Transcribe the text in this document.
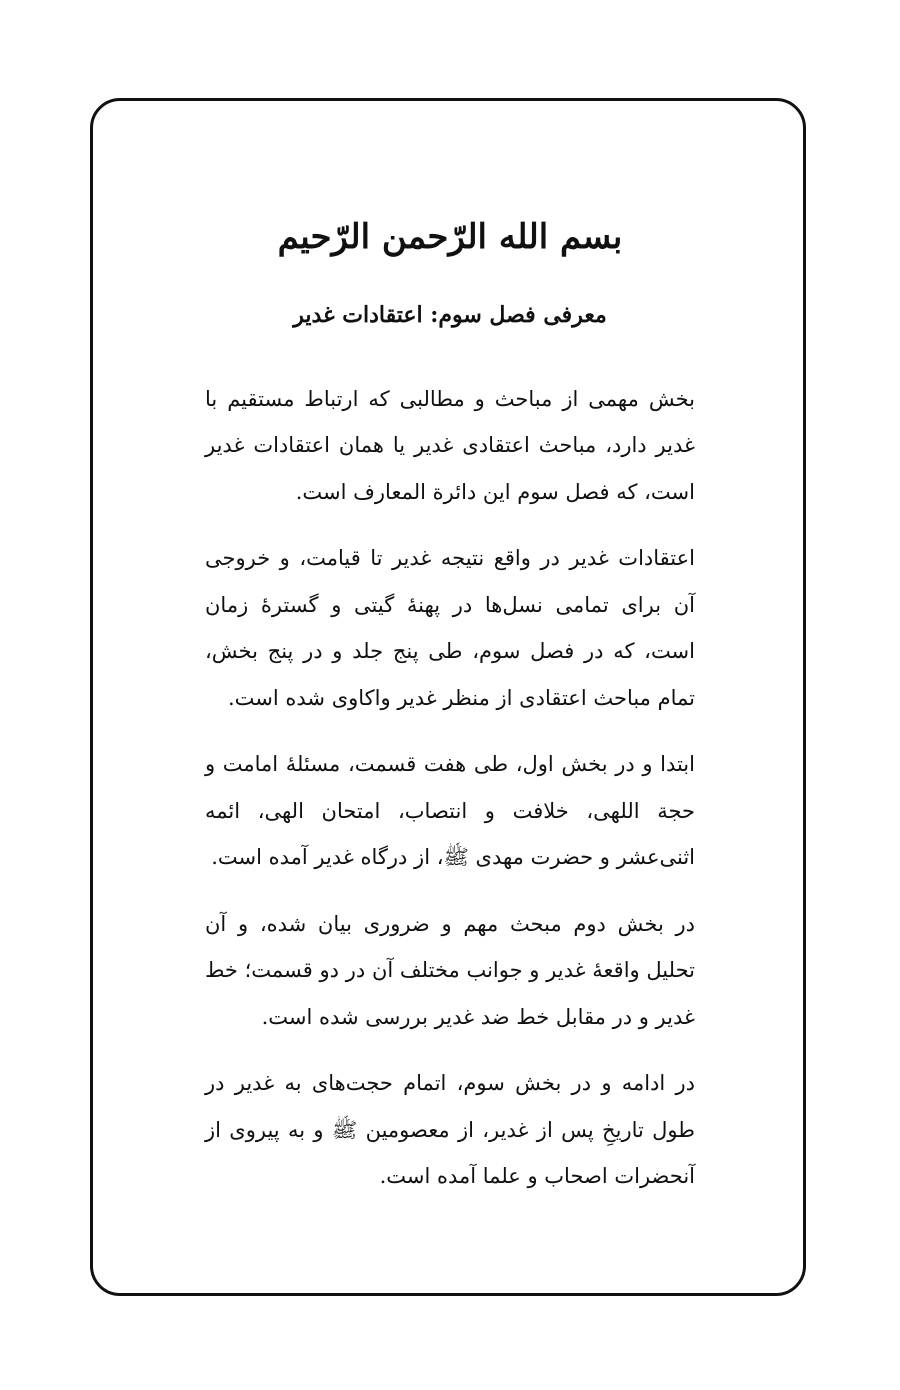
بسم الله الرّحمن الرّحيم
معرفی فصل سوم: اعتقادات غدیر

بخش مهمی از مباحث و مطالبی که ارتباط مستقیم با غدیر دارد، مباحث اعتقادی غدیر یا همان اعتقادات غدیر است، که فصل سوم این دائرة المعارف است.

اعتقادات غدیر در واقع نتیجه غدیر تا قیامت، و خروجی آن برای تمامی نسل‌ها در پهنۀ گیتی و گسترۀ زمان است، که در فصل سوم، طی پنج جلد و در پنج بخش، تمام مباحث اعتقادی از منظر غدیر واکاوی شده است.

ابتدا و در بخش اول، طی هفت قسمت، مسئلۀ امامت و حجة اللهی، خلافت و انتصاب، امتحان الهی، ائمه اثنی‌عشر و حضرت مهدی ﷺ، از درگاه غدیر آمده است.

در بخش دوم مبحث مهم و ضروری بیان شده، و آن تحلیل واقعۀ غدیر و جوانب مختلف آن در دو قسمت؛ خط غدیر و در مقابل خط ضد غدیر بررسی شده است.

در ادامه و در بخش سوم، اتمام حجت‌های به غدیر در طول تاریخِ پس از غدیر، از معصومین ﷺ و به پیروی از آنحضرات اصحاب و علما آمده است.
